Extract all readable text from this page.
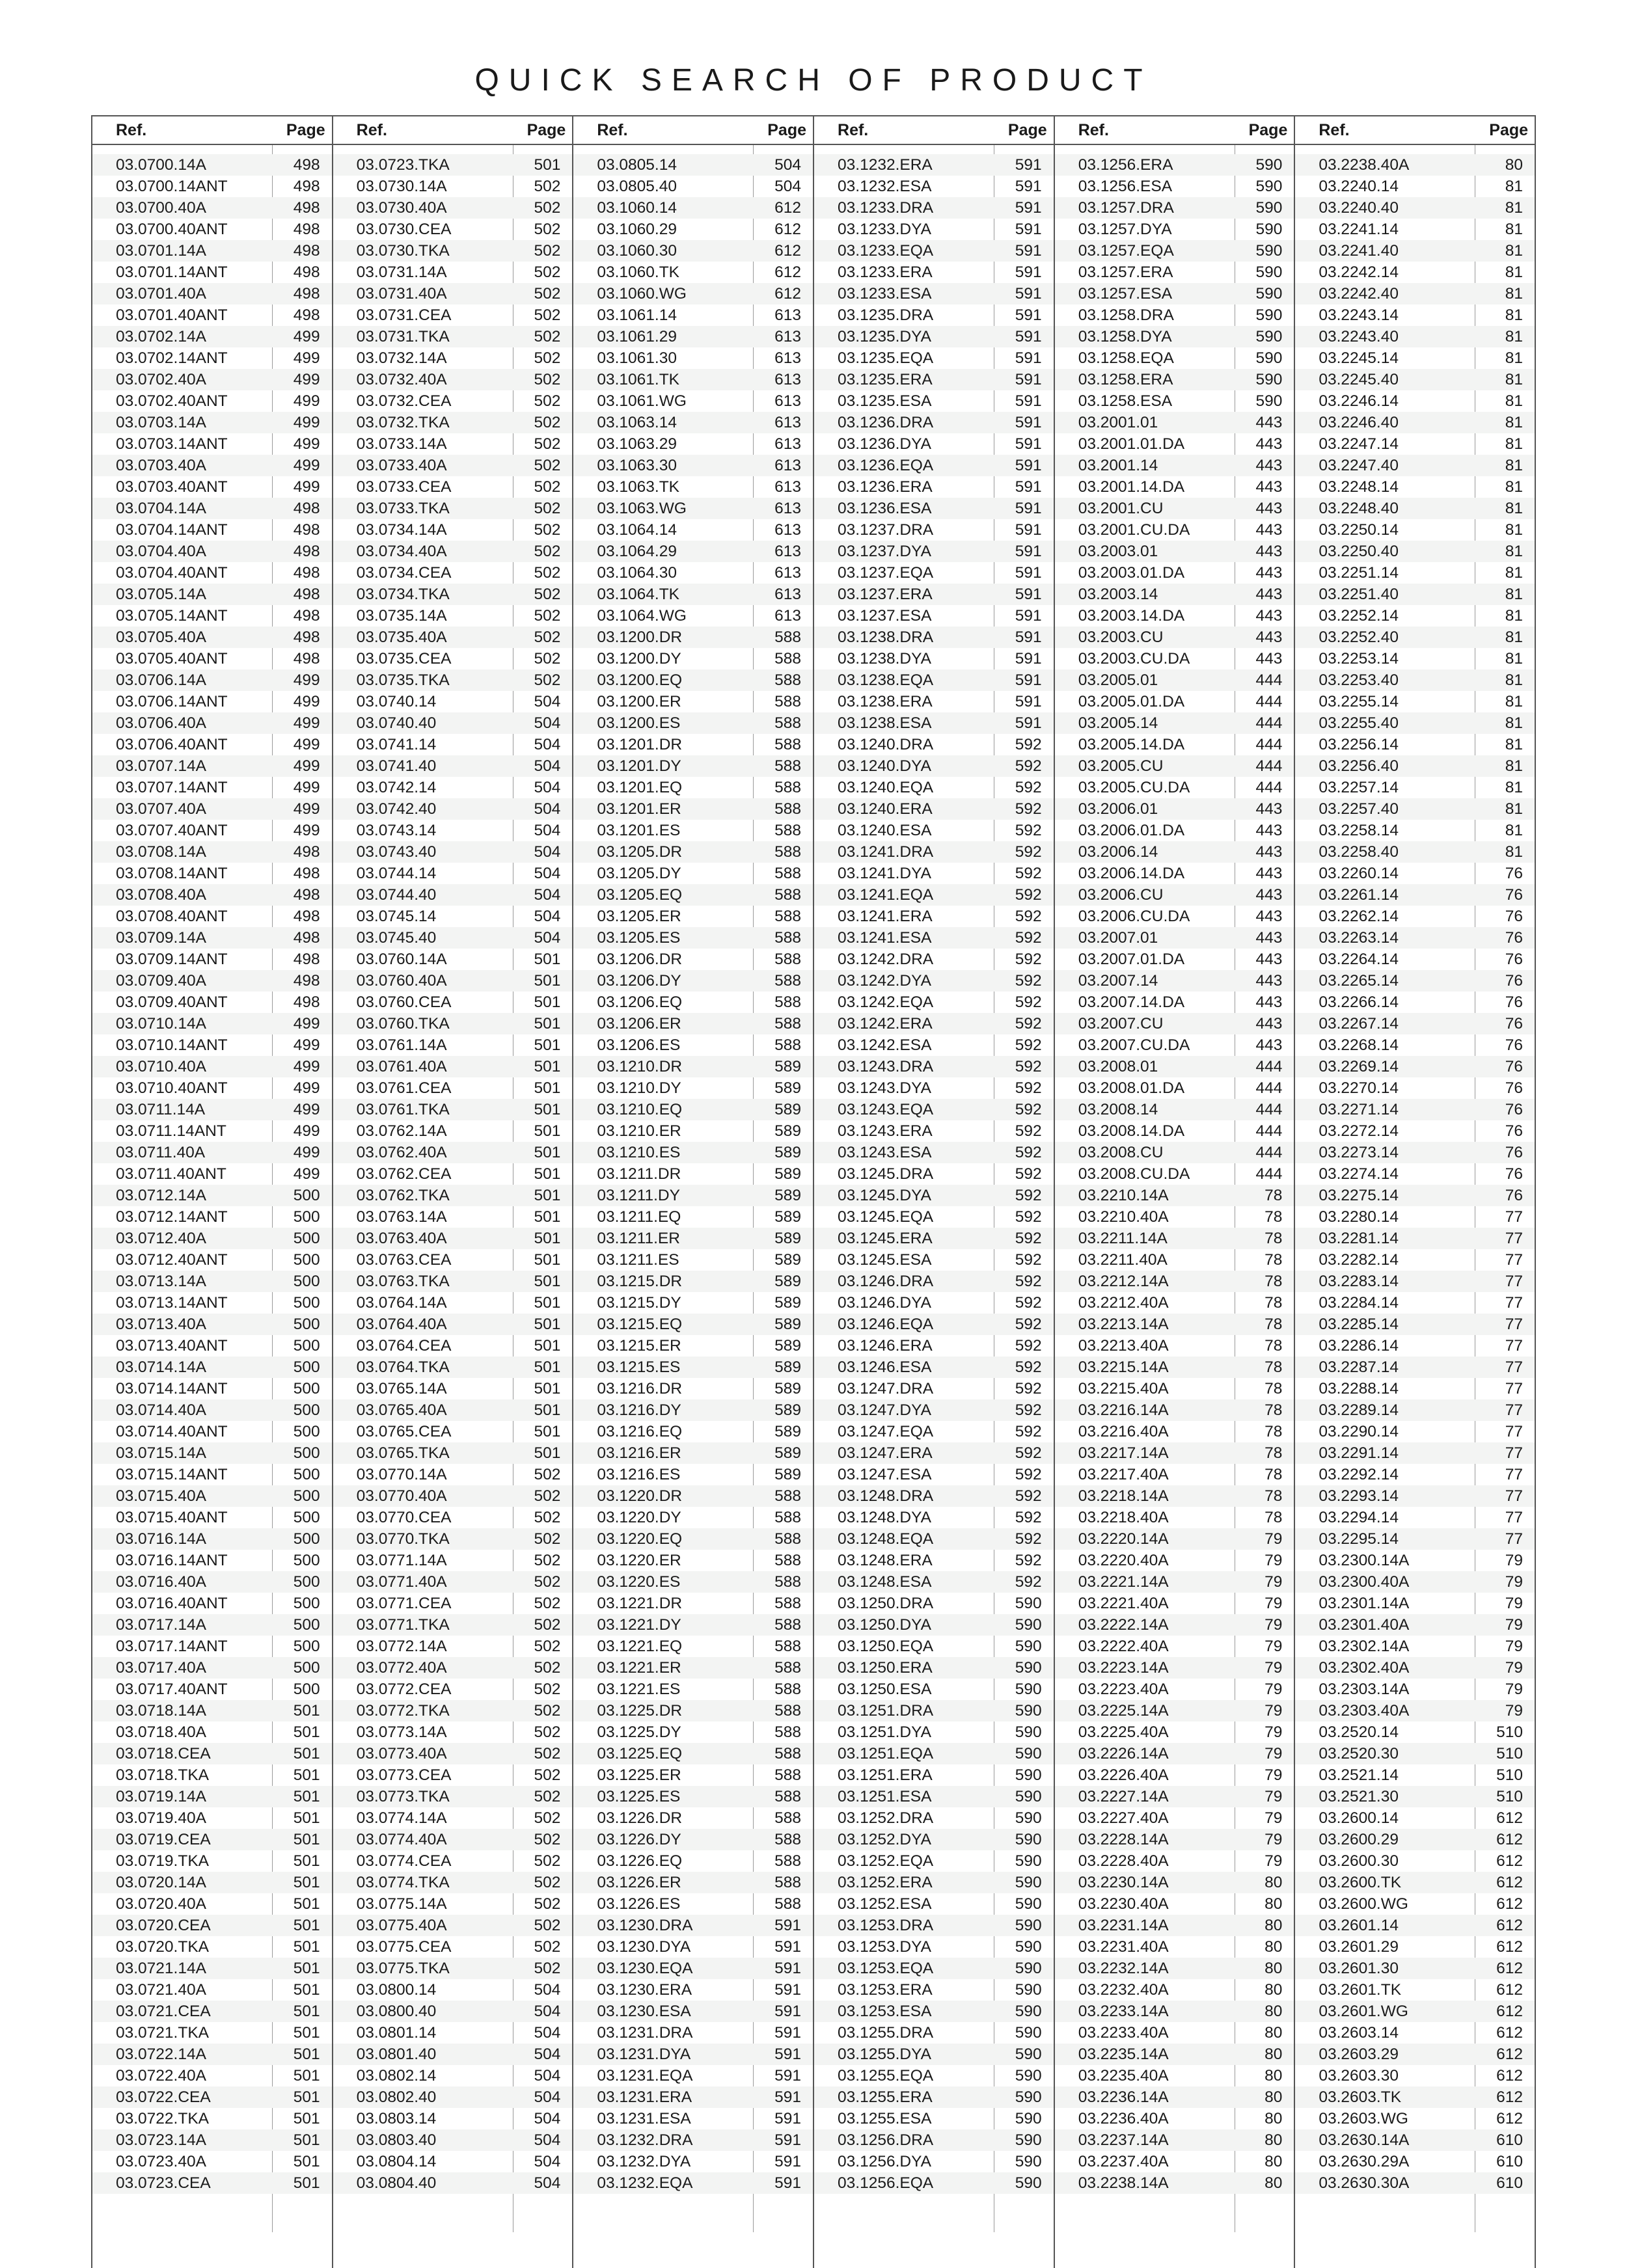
QUICK SEARCH OF PRODUCT
Ref.	Page
03.0700.14A	498
03.0700.14ANT	498
03.0700.40A	498
03.0700.40ANT	498
03.0701.14A	498
03.0701.14ANT	498
03.0701.40A	498
03.0701.40ANT	498
03.0702.14A	499
03.0702.14ANT	499
03.0702.40A	499
03.0702.40ANT	499
03.0703.14A	499
03.0703.14ANT	499
03.0703.40A	499
03.0703.40ANT	499
03.0704.14A	498
03.0704.14ANT	498
03.0704.40A	498
03.0704.40ANT	498
03.0705.14A	498
03.0705.14ANT	498
03.0705.40A	498
03.0705.40ANT	498
03.0706.14A	499
03.0706.14ANT	499
03.0706.40A	499
03.0706.40ANT	499
03.0707.14A	499
03.0707.14ANT	499
03.0707.40A	499
03.0707.40ANT	499
03.0708.14A	498
03.0708.14ANT	498
03.0708.40A	498
03.0708.40ANT	498
03.0709.14A	498
03.0709.14ANT	498
03.0709.40A	498
03.0709.40ANT	498
03.0710.14A	499
03.0710.14ANT	499
03.0710.40A	499
03.0710.40ANT	499
03.0711.14A	499
03.0711.14ANT	499
03.0711.40A	499
03.0711.40ANT	499
03.0712.14A	500
03.0712.14ANT	500
03.0712.40A	500
03.0712.40ANT	500
03.0713.14A	500
03.0713.14ANT	500
03.0713.40A	500
03.0713.40ANT	500
03.0714.14A	500
03.0714.14ANT	500
03.0714.40A	500
03.0714.40ANT	500
03.0715.14A	500
03.0715.14ANT	500
03.0715.40A	500
03.0715.40ANT	500
03.0716.14A	500
03.0716.14ANT	500
03.0716.40A	500
03.0716.40ANT	500
03.0717.14A	500
03.0717.14ANT	500
03.0717.40A	500
03.0717.40ANT	500
03.0718.14A	501
03.0718.40A	501
03.0718.CEA	501
03.0718.TKA	501
03.0719.14A	501
03.0719.40A	501
03.0719.CEA	501
03.0719.TKA	501
03.0720.14A	501
03.0720.40A	501
03.0720.CEA	501
03.0720.TKA	501
03.0721.14A	501
03.0721.40A	501
03.0721.CEA	501
03.0721.TKA	501
03.0722.14A	501
03.0722.40A	501
03.0722.CEA	501
03.0722.TKA	501
03.0723.14A	501
03.0723.40A	501
03.0723.CEA	501
Ref.	Page
03.0723.TKA	501
03.0730.14A	502
03.0730.40A	502
03.0730.CEA	502
03.0730.TKA	502
03.0731.14A	502
03.0731.40A	502
03.0731.CEA	502
03.0731.TKA	502
03.0732.14A	502
03.0732.40A	502
03.0732.CEA	502
03.0732.TKA	502
03.0733.14A	502
03.0733.40A	502
03.0733.CEA	502
03.0733.TKA	502
03.0734.14A	502
03.0734.40A	502
03.0734.CEA	502
03.0734.TKA	502
03.0735.14A	502
03.0735.40A	502
03.0735.CEA	502
03.0735.TKA	502
03.0740.14	504
03.0740.40	504
03.0741.14	504
03.0741.40	504
03.0742.14	504
03.0742.40	504
03.0743.14	504
03.0743.40	504
03.0744.14	504
03.0744.40	504
03.0745.14	504
03.0745.40	504
03.0760.14A	501
03.0760.40A	501
03.0760.CEA	501
03.0760.TKA	501
03.0761.14A	501
03.0761.40A	501
03.0761.CEA	501
03.0761.TKA	501
03.0762.14A	501
03.0762.40A	501
03.0762.CEA	501
03.0762.TKA	501
03.0763.14A	501
03.0763.40A	501
03.0763.CEA	501
03.0763.TKA	501
03.0764.14A	501
03.0764.40A	501
03.0764.CEA	501
03.0764.TKA	501
03.0765.14A	501
03.0765.40A	501
03.0765.CEA	501
03.0765.TKA	501
03.0770.14A	502
03.0770.40A	502
03.0770.CEA	502
03.0770.TKA	502
03.0771.14A	502
03.0771.40A	502
03.0771.CEA	502
03.0771.TKA	502
03.0772.14A	502
03.0772.40A	502
03.0772.CEA	502
03.0772.TKA	502
03.0773.14A	502
03.0773.40A	502
03.0773.CEA	502
03.0773.TKA	502
03.0774.14A	502
03.0774.40A	502
03.0774.CEA	502
03.0774.TKA	502
03.0775.14A	502
03.0775.40A	502
03.0775.CEA	502
03.0775.TKA	502
03.0800.14	504
03.0800.40	504
03.0801.14	504
03.0801.40	504
03.0802.14	504
03.0802.40	504
03.0803.14	504
03.0803.40	504
03.0804.14	504
03.0804.40	504
Ref.	Page
03.0805.14	504
03.0805.40	504
03.1060.14	612
03.1060.29	612
03.1060.30	612
03.1060.TK	612
03.1060.WG	612
03.1061.14	613
03.1061.29	613
03.1061.30	613
03.1061.TK	613
03.1061.WG	613
03.1063.14	613
03.1063.29	613
03.1063.30	613
03.1063.TK	613
03.1063.WG	613
03.1064.14	613
03.1064.29	613
03.1064.30	613
03.1064.TK	613
03.1064.WG	613
03.1200.DR	588
03.1200.DY	588
03.1200.EQ	588
03.1200.ER	588
03.1200.ES	588
03.1201.DR	588
03.1201.DY	588
03.1201.EQ	588
03.1201.ER	588
03.1201.ES	588
03.1205.DR	588
03.1205.DY	588
03.1205.EQ	588
03.1205.ER	588
03.1205.ES	588
03.1206.DR	588
03.1206.DY	588
03.1206.EQ	588
03.1206.ER	588
03.1206.ES	588
03.1210.DR	589
03.1210.DY	589
03.1210.EQ	589
03.1210.ER	589
03.1210.ES	589
03.1211.DR	589
03.1211.DY	589
03.1211.EQ	589
03.1211.ER	589
03.1211.ES	589
03.1215.DR	589
03.1215.DY	589
03.1215.EQ	589
03.1215.ER	589
03.1215.ES	589
03.1216.DR	589
03.1216.DY	589
03.1216.EQ	589
03.1216.ER	589
03.1216.ES	589
03.1220.DR	588
03.1220.DY	588
03.1220.EQ	588
03.1220.ER	588
03.1220.ES	588
03.1221.DR	588
03.1221.DY	588
03.1221.EQ	588
03.1221.ER	588
03.1221.ES	588
03.1225.DR	588
03.1225.DY	588
03.1225.EQ	588
03.1225.ER	588
03.1225.ES	588
03.1226.DR	588
03.1226.DY	588
03.1226.EQ	588
03.1226.ER	588
03.1226.ES	588
03.1230.DRA	591
03.1230.DYA	591
03.1230.EQA	591
03.1230.ERA	591
03.1230.ESA	591
03.1231.DRA	591
03.1231.DYA	591
03.1231.EQA	591
03.1231.ERA	591
03.1231.ESA	591
03.1232.DRA	591
03.1232.DYA	591
03.1232.EQA	591
Ref.	Page
03.1232.ERA	591
03.1232.ESA	591
03.1233.DRA	591
03.1233.DYA	591
03.1233.EQA	591
03.1233.ERA	591
03.1233.ESA	591
03.1235.DRA	591
03.1235.DYA	591
03.1235.EQA	591
03.1235.ERA	591
03.1235.ESA	591
03.1236.DRA	591
03.1236.DYA	591
03.1236.EQA	591
03.1236.ERA	591
03.1236.ESA	591
03.1237.DRA	591
03.1237.DYA	591
03.1237.EQA	591
03.1237.ERA	591
03.1237.ESA	591
03.1238.DRA	591
03.1238.DYA	591
03.1238.EQA	591
03.1238.ERA	591
03.1238.ESA	591
03.1240.DRA	592
03.1240.DYA	592
03.1240.EQA	592
03.1240.ERA	592
03.1240.ESA	592
03.1241.DRA	592
03.1241.DYA	592
03.1241.EQA	592
03.1241.ERA	592
03.1241.ESA	592
03.1242.DRA	592
03.1242.DYA	592
03.1242.EQA	592
03.1242.ERA	592
03.1242.ESA	592
03.1243.DRA	592
03.1243.DYA	592
03.1243.EQA	592
03.1243.ERA	592
03.1243.ESA	592
03.1245.DRA	592
03.1245.DYA	592
03.1245.EQA	592
03.1245.ERA	592
03.1245.ESA	592
03.1246.DRA	592
03.1246.DYA	592
03.1246.EQA	592
03.1246.ERA	592
03.1246.ESA	592
03.1247.DRA	592
03.1247.DYA	592
03.1247.EQA	592
03.1247.ERA	592
03.1247.ESA	592
03.1248.DRA	592
03.1248.DYA	592
03.1248.EQA	592
03.1248.ERA	592
03.1248.ESA	592
03.1250.DRA	590
03.1250.DYA	590
03.1250.EQA	590
03.1250.ERA	590
03.1250.ESA	590
03.1251.DRA	590
03.1251.DYA	590
03.1251.EQA	590
03.1251.ERA	590
03.1251.ESA	590
03.1252.DRA	590
03.1252.DYA	590
03.1252.EQA	590
03.1252.ERA	590
03.1252.ESA	590
03.1253.DRA	590
03.1253.DYA	590
03.1253.EQA	590
03.1253.ERA	590
03.1253.ESA	590
03.1255.DRA	590
03.1255.DYA	590
03.1255.EQA	590
03.1255.ERA	590
03.1255.ESA	590
03.1256.DRA	590
03.1256.DYA	590
03.1256.EQA	590
Ref.	Page
03.1256.ERA	590
03.1256.ESA	590
03.1257.DRA	590
03.1257.DYA	590
03.1257.EQA	590
03.1257.ERA	590
03.1257.ESA	590
03.1258.DRA	590
03.1258.DYA	590
03.1258.EQA	590
03.1258.ERA	590
03.1258.ESA	590
03.2001.01	443
03.2001.01.DA	443
03.2001.14	443
03.2001.14.DA	443
03.2001.CU	443
03.2001.CU.DA	443
03.2003.01	443
03.2003.01.DA	443
03.2003.14	443
03.2003.14.DA	443
03.2003.CU	443
03.2003.CU.DA	443
03.2005.01	444
03.2005.01.DA	444
03.2005.14	444
03.2005.14.DA	444
03.2005.CU	444
03.2005.CU.DA	444
03.2006.01	443
03.2006.01.DA	443
03.2006.14	443
03.2006.14.DA	443
03.2006.CU	443
03.2006.CU.DA	443
03.2007.01	443
03.2007.01.DA	443
03.2007.14	443
03.2007.14.DA	443
03.2007.CU	443
03.2007.CU.DA	443
03.2008.01	444
03.2008.01.DA	444
03.2008.14	444
03.2008.14.DA	444
03.2008.CU	444
03.2008.CU.DA	444
03.2210.14A	78
03.2210.40A	78
03.2211.14A	78
03.2211.40A	78
03.2212.14A	78
03.2212.40A	78
03.2213.14A	78
03.2213.40A	78
03.2215.14A	78
03.2215.40A	78
03.2216.14A	78
03.2216.40A	78
03.2217.14A	78
03.2217.40A	78
03.2218.14A	78
03.2218.40A	78
03.2220.14A	79
03.2220.40A	79
03.2221.14A	79
03.2221.40A	79
03.2222.14A	79
03.2222.40A	79
03.2223.14A	79
03.2223.40A	79
03.2225.14A	79
03.2225.40A	79
03.2226.14A	79
03.2226.40A	79
03.2227.14A	79
03.2227.40A	79
03.2228.14A	79
03.2228.40A	79
03.2230.14A	80
03.2230.40A	80
03.2231.14A	80
03.2231.40A	80
03.2232.14A	80
03.2232.40A	80
03.2233.14A	80
03.2233.40A	80
03.2235.14A	80
03.2235.40A	80
03.2236.14A	80
03.2236.40A	80
03.2237.14A	80
03.2237.40A	80
03.2238.14A	80
Ref.	Page
03.2238.40A	80
03.2240.14	81
03.2240.40	81
03.2241.14	81
03.2241.40	81
03.2242.14	81
03.2242.40	81
03.2243.14	81
03.2243.40	81
03.2245.14	81
03.2245.40	81
03.2246.14	81
03.2246.40	81
03.2247.14	81
03.2247.40	81
03.2248.14	81
03.2248.40	81
03.2250.14	81
03.2250.40	81
03.2251.14	81
03.2251.40	81
03.2252.14	81
03.2252.40	81
03.2253.14	81
03.2253.40	81
03.2255.14	81
03.2255.40	81
03.2256.14	81
03.2256.40	81
03.2257.14	81
03.2257.40	81
03.2258.14	81
03.2258.40	81
03.2260.14	76
03.2261.14	76
03.2262.14	76
03.2263.14	76
03.2264.14	76
03.2265.14	76
03.2266.14	76
03.2267.14	76
03.2268.14	76
03.2269.14	76
03.2270.14	76
03.2271.14	76
03.2272.14	76
03.2273.14	76
03.2274.14	76
03.2275.14	76
03.2280.14	77
03.2281.14	77
03.2282.14	77
03.2283.14	77
03.2284.14	77
03.2285.14	77
03.2286.14	77
03.2287.14	77
03.2288.14	77
03.2289.14	77
03.2290.14	77
03.2291.14	77
03.2292.14	77
03.2293.14	77
03.2294.14	77
03.2295.14	77
03.2300.14A	79
03.2300.40A	79
03.2301.14A	79
03.2301.40A	79
03.2302.14A	79
03.2302.40A	79
03.2303.14A	79
03.2303.40A	79
03.2520.14	510
03.2520.30	510
03.2521.14	510
03.2521.30	510
03.2600.14	612
03.2600.29	612
03.2600.30	612
03.2600.TK	612
03.2600.WG	612
03.2601.14	612
03.2601.29	612
03.2601.30	612
03.2601.TK	612
03.2601.WG	612
03.2603.14	612
03.2603.29	612
03.2603.30	612
03.2603.TK	612
03.2603.WG	612
03.2630.14A	610
03.2630.29A	610
03.2630.30A	610
